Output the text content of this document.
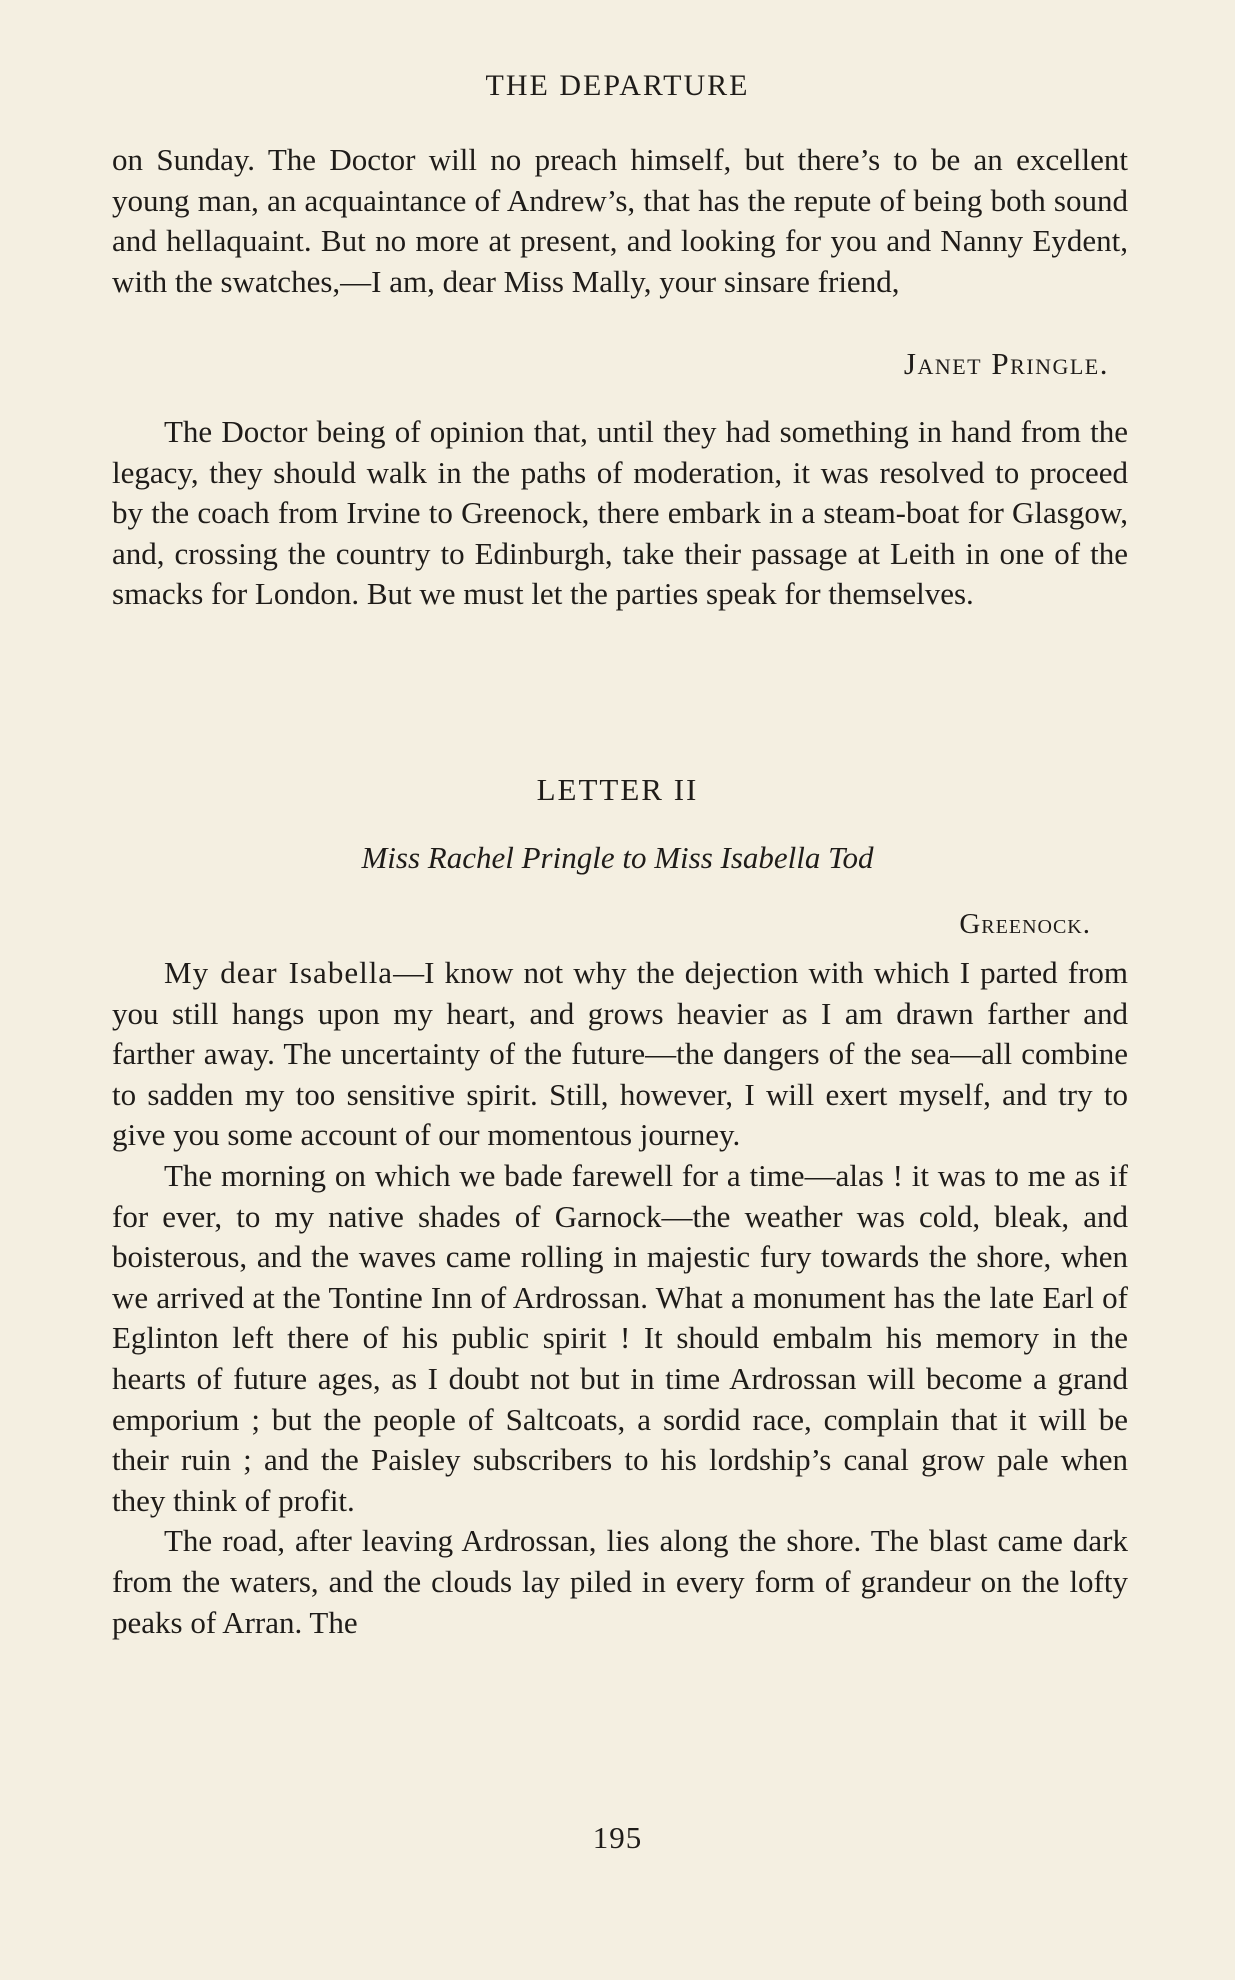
THE DEPARTURE

on Sunday. The Doctor will no preach himself, but there’s to be an excellent young man, an acquaintance of Andrew’s, that has the repute of being both sound and hellaquaint. But no more at present, and looking for you and Nanny Eydent, with the swatches,—I am, dear Miss Mally, your sinsare friend,

Janet Pringle.

The Doctor being of opinion that, until they had something in hand from the legacy, they should walk in the paths of moderation, it was resolved to proceed by the coach from Irvine to Greenock, there embark in a steam-boat for Glasgow, and, crossing the country to Edinburgh, take their passage at Leith in one of the smacks for London. But we must let the parties speak for themselves.

LETTER II
Miss Rachel Pringle to Miss Isabella Tod
Greenock.

My dear Isabella—I know not why the dejection with which I parted from you still hangs upon my heart, and grows heavier as I am drawn farther and farther away. The uncertainty of the future—the dangers of the sea—all combine to sadden my too sensitive spirit. Still, however, I will exert myself, and try to give you some account of our momentous journey.

The morning on which we bade farewell for a time—alas ! it was to me as if for ever, to my native shades of Garnock—the weather was cold, bleak, and boisterous, and the waves came rolling in majestic fury towards the shore, when we arrived at the Tontine Inn of Ardrossan. What a monument has the late Earl of Eglinton left there of his public spirit ! It should embalm his memory in the hearts of future ages, as I doubt not but in time Ardrossan will become a grand emporium ; but the people of Saltcoats, a sordid race, complain that it will be their ruin ; and the Paisley subscribers to his lordship’s canal grow pale when they think of profit.

The road, after leaving Ardrossan, lies along the shore. The blast came dark from the waters, and the clouds lay piled in every form of grandeur on the lofty peaks of Arran. The

195
